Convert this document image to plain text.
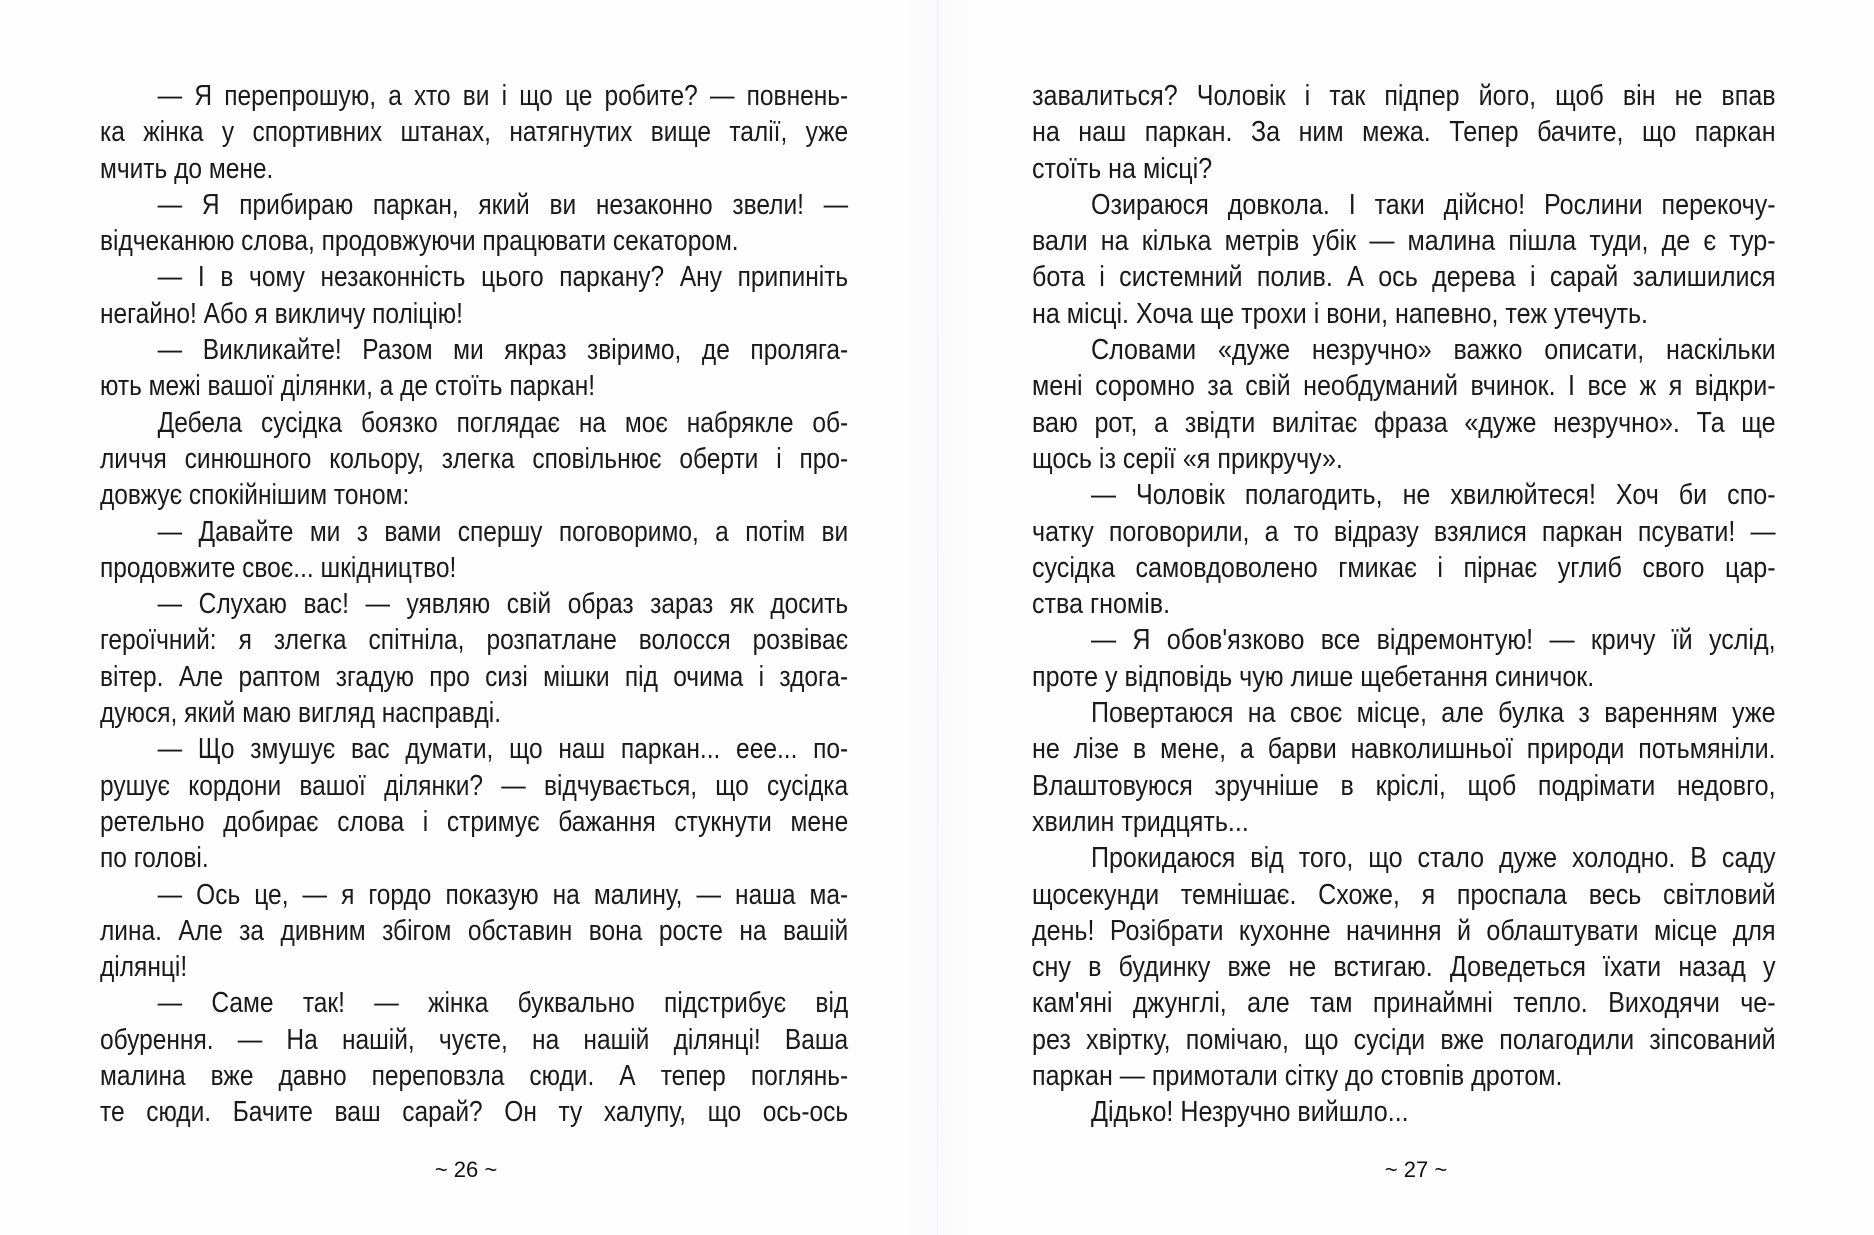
— Я перепрошую, а хто ви і що це робите? — повнень-
ка жінка у спортивних штанах, натягнутих вище талії, уже
мчить до мене.
— Я прибираю паркан, який ви незаконно звели! —
відчеканюю слова, продовжуючи працювати секатором.
— І в чому незаконність цього паркану? Ану припиніть
негайно! Або я викличу поліцію!
— Викликайте! Разом ми якраз звіримо, де проляга-
ють межі вашої ділянки, а де стоїть паркан!
Дебела сусідка боязко поглядає на моє набрякле об-
личчя синюшного кольору, злегка сповільнює оберти і про-
довжує спокійнішим тоном:
— Давайте ми з вами спершу поговоримо, а потім ви
продовжите своє... шкідництво!
— Слухаю вас! — уявляю свій образ зараз як досить
героїчний: я злегка спітніла, розпатлане волосся розвіває
вітер. Але раптом згадую про сизі мішки під очима і здога-
дуюся, який маю вигляд насправді.
— Що змушує вас думати, що наш паркан... еее... по-
рушує кордони вашої ділянки? — відчувається, що сусідка
ретельно добирає слова і стримує бажання стукнути мене
по голові.
— Ось це, — я гордо показую на малину, — наша ма-
лина. Але за дивним збігом обставин вона росте на вашій
ділянці!
— Саме так! — жінка буквально підстрибує від
обурення. — На нашій, чуєте, на нашій ділянці! Ваша
малина вже давно переповзла сюди. А тепер поглянь-
те сюди. Бачите ваш сарай? Он ту халупу, що ось-ось
завалиться? Чоловік і так підпер його, щоб він не впав
на наш паркан. За ним межа. Тепер бачите, що паркан
стоїть на місці?
Озираюся довкола. І таки дійсно! Рослини перекочу-
вали на кілька метрів убік — малина пішла туди, де є тур-
бота і системний полив. А ось дерева і сарай залишилися
на місці. Хоча ще трохи і вони, напевно, теж утечуть.
Словами «дуже незручно» важко описати, наскільки
мені соромно за свій необдуманий вчинок. І все ж я відкри-
ваю рот, а звідти вилітає фраза «дуже незручно». Та ще
щось із серії «я прикручу».
— Чоловік полагодить, не хвилюйтеся! Хоч би спо-
чатку поговорили, а то відразу взялися паркан псувати! —
сусідка самовдоволено гмикає і пірнає углиб свого цар-
ства гномів.
— Я обов'язково все відремонтую! — кричу їй услід,
проте у відповідь чую лише щебетання синичок.
Повертаюся на своє місце, але булка з варенням уже
не лізе в мене, а барви навколишньої природи потьмяніли.
Влаштовуюся зручніше в кріслі, щоб подрімати недовго,
хвилин тридцять...
Прокидаюся від того, що стало дуже холодно. В саду
щосекунди темнішає. Схоже, я проспала весь світловий
день! Розібрати кухонне начиння й облаштувати місце для
сну в будинку вже не встигаю. Доведеться їхати назад у
кам'яні джунглі, але там принаймні тепло. Виходячи че-
рез хвіртку, помічаю, що сусіди вже полагодили зіпсований
паркан — примотали сітку до стовпів дротом.
Дідько! Незручно вийшло...
~ 26 ~	~ 27 ~
